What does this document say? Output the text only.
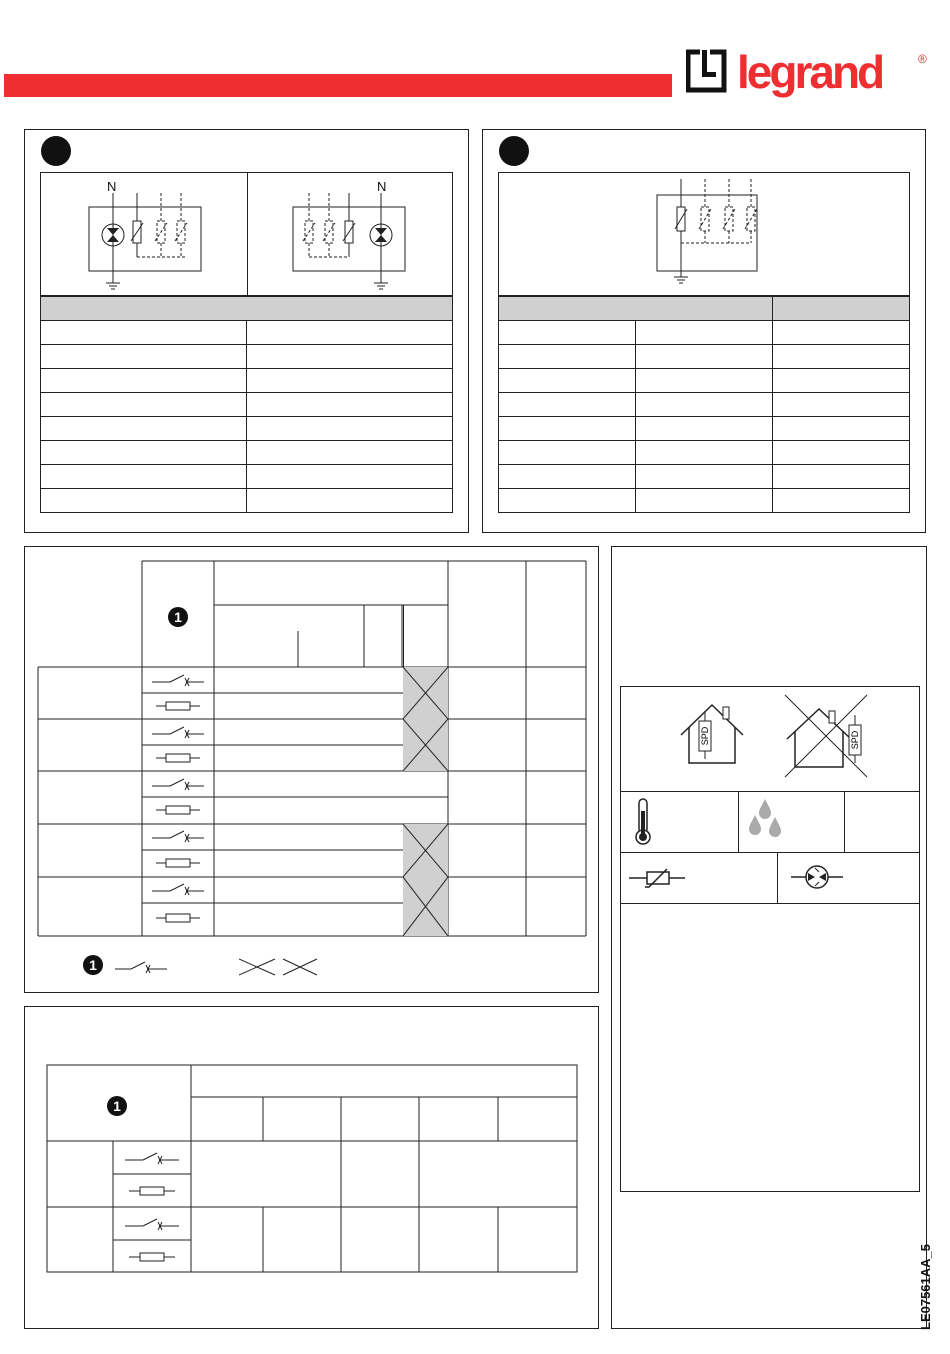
legrand	®
N	N

1
1
1
SPD	SPD
LE07561AA_5
